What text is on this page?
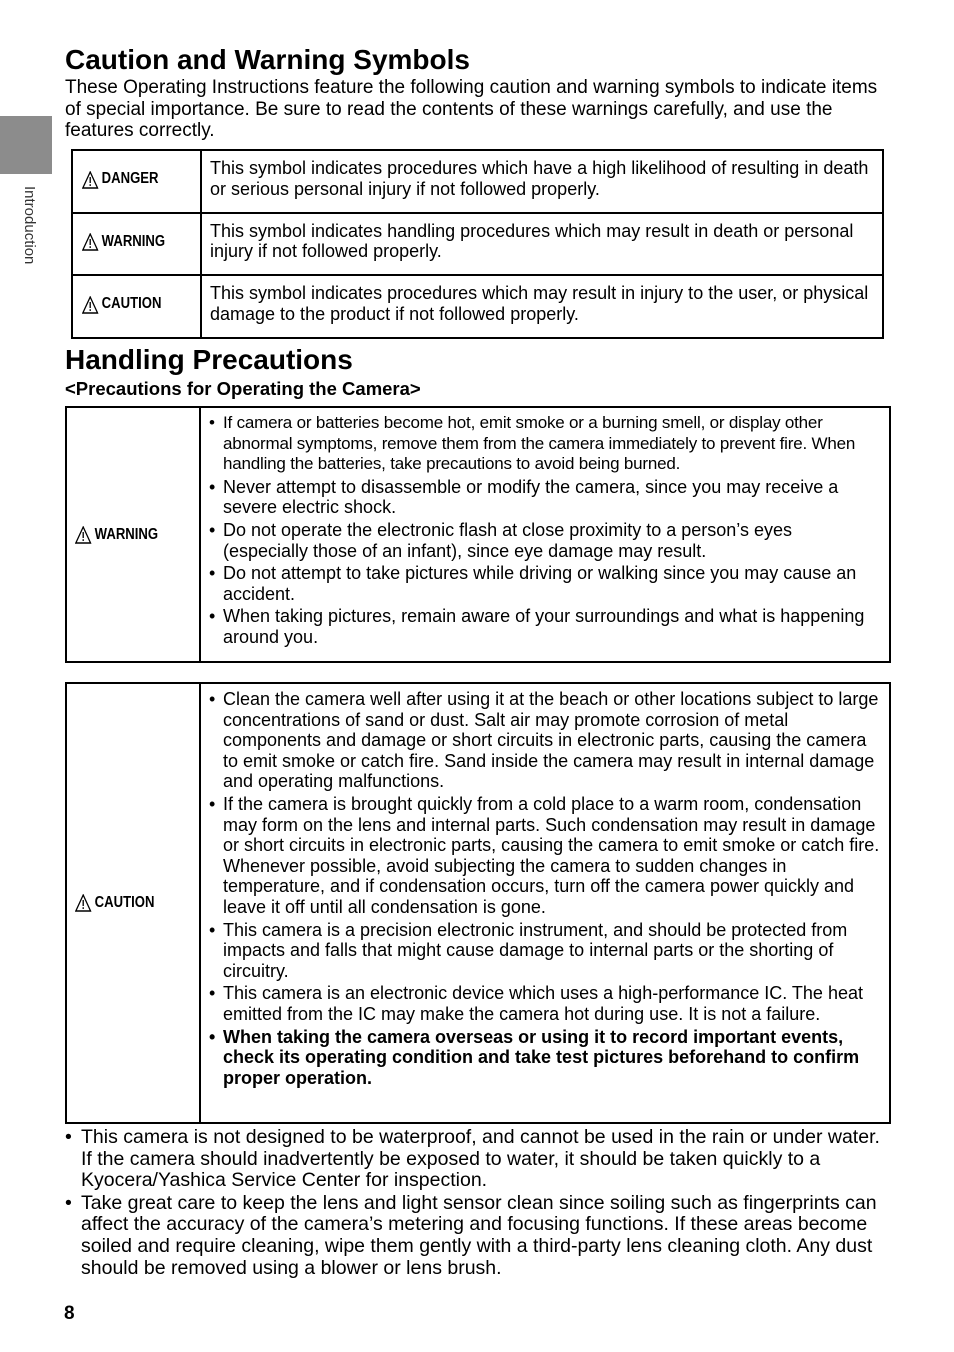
Introduction
Caution and Warning Symbols

These Operating Instructions feature the following caution and warning symbols to indicate items of special importance. Be sure to read the contents of these warnings carefully, and use the features correctly.

DANGER	This symbol indicates procedures which have a high likelihood of resulting in death or serious personal injury if not followed properly.

WARNING	This symbol indicates handling procedures which may result in death or personal injury if not followed properly.

CAUTION	This symbol indicates procedures which may result in injury to the user, or physical damage to the product if not followed properly.
Handling Precautions
<Precautions for Operating the Camera>
WARNING
• If camera or batteries become hot, emit smoke or a burning smell, or display other abnormal symptoms, remove them from the camera immediately to prevent fire. When handling the batteries, take precautions to avoid being burned.
• Never attempt to disassemble or modify the camera, since you may receive a severe electric shock.
• Do not operate the electronic flash at close proximity to a person’s eyes (especially those of an infant), since eye damage may result.
• Do not attempt to take pictures while driving or walking since you may cause an accident.
• When taking pictures, remain aware of your surroundings and what is happening around you.
CAUTION
• Clean the camera well after using it at the beach or other locations subject to large concentrations of sand or dust. Salt air may promote corrosion of metal components and damage or short circuits in electronic parts, causing the camera to emit smoke or catch fire. Sand inside the camera may result in internal damage and operating malfunctions.
• If the camera is brought quickly from a cold place to a warm room, condensation may form on the lens and internal parts. Such condensation may result in damage or short circuits in electronic parts, causing the camera to emit smoke or catch fire. Whenever possible, avoid subjecting the camera to sudden changes in temperature, and if condensation occurs, turn off the camera power quickly and leave it off until all condensation is gone.
• This camera is a precision electronic instrument, and should be protected from impacts and falls that might cause damage to internal parts or the shorting of circuitry.
• This camera is an electronic device which uses a high-performance IC. The heat emitted from the IC may make the camera hot during use. It is not a failure.
• When taking the camera overseas or using it to record important events, check its operating condition and take test pictures beforehand to confirm proper operation.
• This camera is not designed to be waterproof, and cannot be used in the rain or under water. If the camera should inadvertently be exposed to water, it should be taken quickly to a Kyocera/Yashica Service Center for inspection.
• Take great care to keep the lens and light sensor clean since soiling such as fingerprints can affect the accuracy of the camera’s metering and focusing functions. If these areas become soiled and require cleaning, wipe them gently with a third-party lens cleaning cloth. Any dust should be removed using a blower or lens brush.
8
